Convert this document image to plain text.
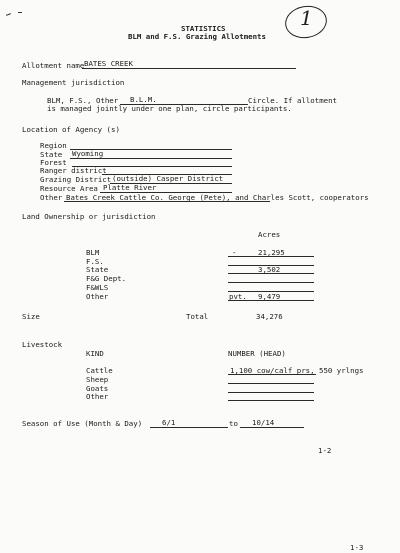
1
STATISTICS
BLM and F.S. Grazing Allotments
Allotment name BATES CREEK
Management jurisdiction
BLM, F.S., Other B.L.M.	Circle. If allotment
is managed jointly under one plan, circle participants.
Location of Agency (s)
Region
State Wyoming
Forest
Ranger district
Grazing District (outside) Casper District
Resource Area Platte River
Other Bates Creek Cattle Co. George (Pete), and Charles Scott, cooperators
Land Ownership or jurisdiction
Acres
BLM	-	21,295
F.S.
State	3,502
F&G Dept.
F&WLS
Other	pvt. 9,479
Size	Total	34,276
Livestock
KIND	NUMBER (HEAD)
Cattle	1,100 cow/calf prs, 550 yrlngs
Sheep
Goats
Other
Season of Use (Month & Day)	6/1	to 10/14
1-2
1-3
